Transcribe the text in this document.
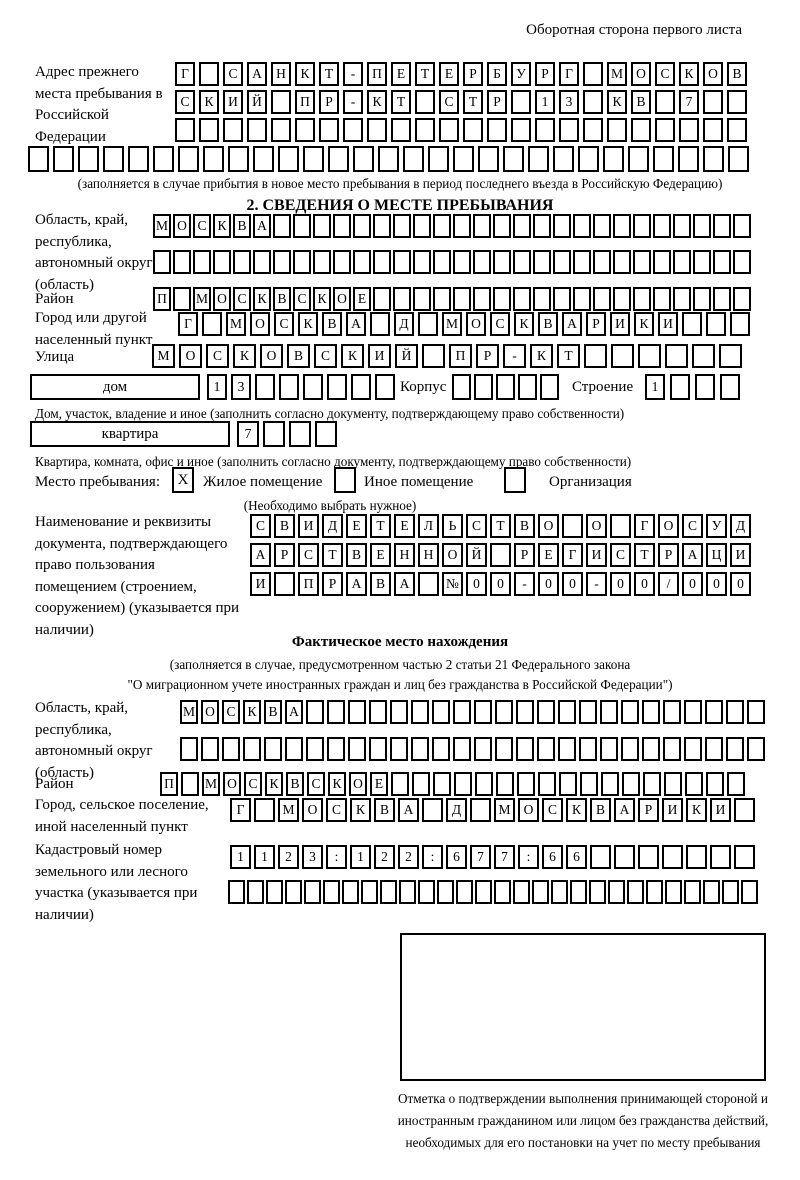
Оборотная сторона первого листа
Адрес прежнего места пребывания в Российской Федерации
Г	С	А	Н	К	Т	-	П	Е	Т	Е	Р	Б	У	Р	Г	М О	С	К	О	В
С	К	И	Й	П	Р	-	К	Т	С	Т	Р	1	3	К	В	7
(заполняется в случае прибытия в новое место пребывания в период последнего въезда в Российскую Федерацию)
2. СВЕДЕНИЯ О МЕСТЕ ПРЕБЫВАНИЯ
Область, край, республика, автономный округ (область)
М О С К В А
Район	П	М О С К В С К О Е
Город или другой населенный пункт
Г	М О	С	К	В	А	Д	М О	С	К	В	А	Р	И	К	И
Улица	М	О	С	К	О	В	С	К	И	Й	П	Р	-	К	Т
дом	1	3	Корпус	Строение	1
Дом, участок, владение и иное (заполнить согласно документу, подтверждающему право собственности)
квартира	7
Квартира, комната, офис и иное (заполнить согласно документу, подтверждающему право собственности)
Место пребывания:	X Жилое помещение	Иное помещение	Организация
(Необходимо выбрать нужное)
Наименование и реквизиты документа, подтверждающего право пользования помещением (строением, сооружением) (указывается при наличии)
С	В	И	Д	Е	Т	Е	Л	Ь	С	Т	В	О	О	Г	О	С	У	Д
А	Р	С	Т	В	Е	Н	Н	О	Й	Р	Е	Г	И	С	Т	Р	А	Ц	И
И	П	Р	А	В	А	№	0	0	-	0	0	-	0	0	/	0	0	0
Фактическое место нахождения
(заполняется в случае, предусмотренном частью 2 статьи 21 Федерального закона
"О миграционном учете иностранных граждан и лиц без гражданства в Российской Федерации")
Область, край, республика, автономный округ (область)
М О С К В А
Район	П	М О С К В С К О Е
Город, сельское поселение, иной населенный пункт
Г	М О	С	К	В	А	Д	М О	С	К	В	А	Р	И	К	И
Кадастровый номер земельного или лесного участка (указывается при наличии)
1	1	2	3	:	1	2	2	:	6	7	7	:	6	6
Отметка о подтверждении выполнения принимающей стороной и иностранным гражданином или лицом без гражданства действий, необходимых для его постановки на учет по месту пребывания
